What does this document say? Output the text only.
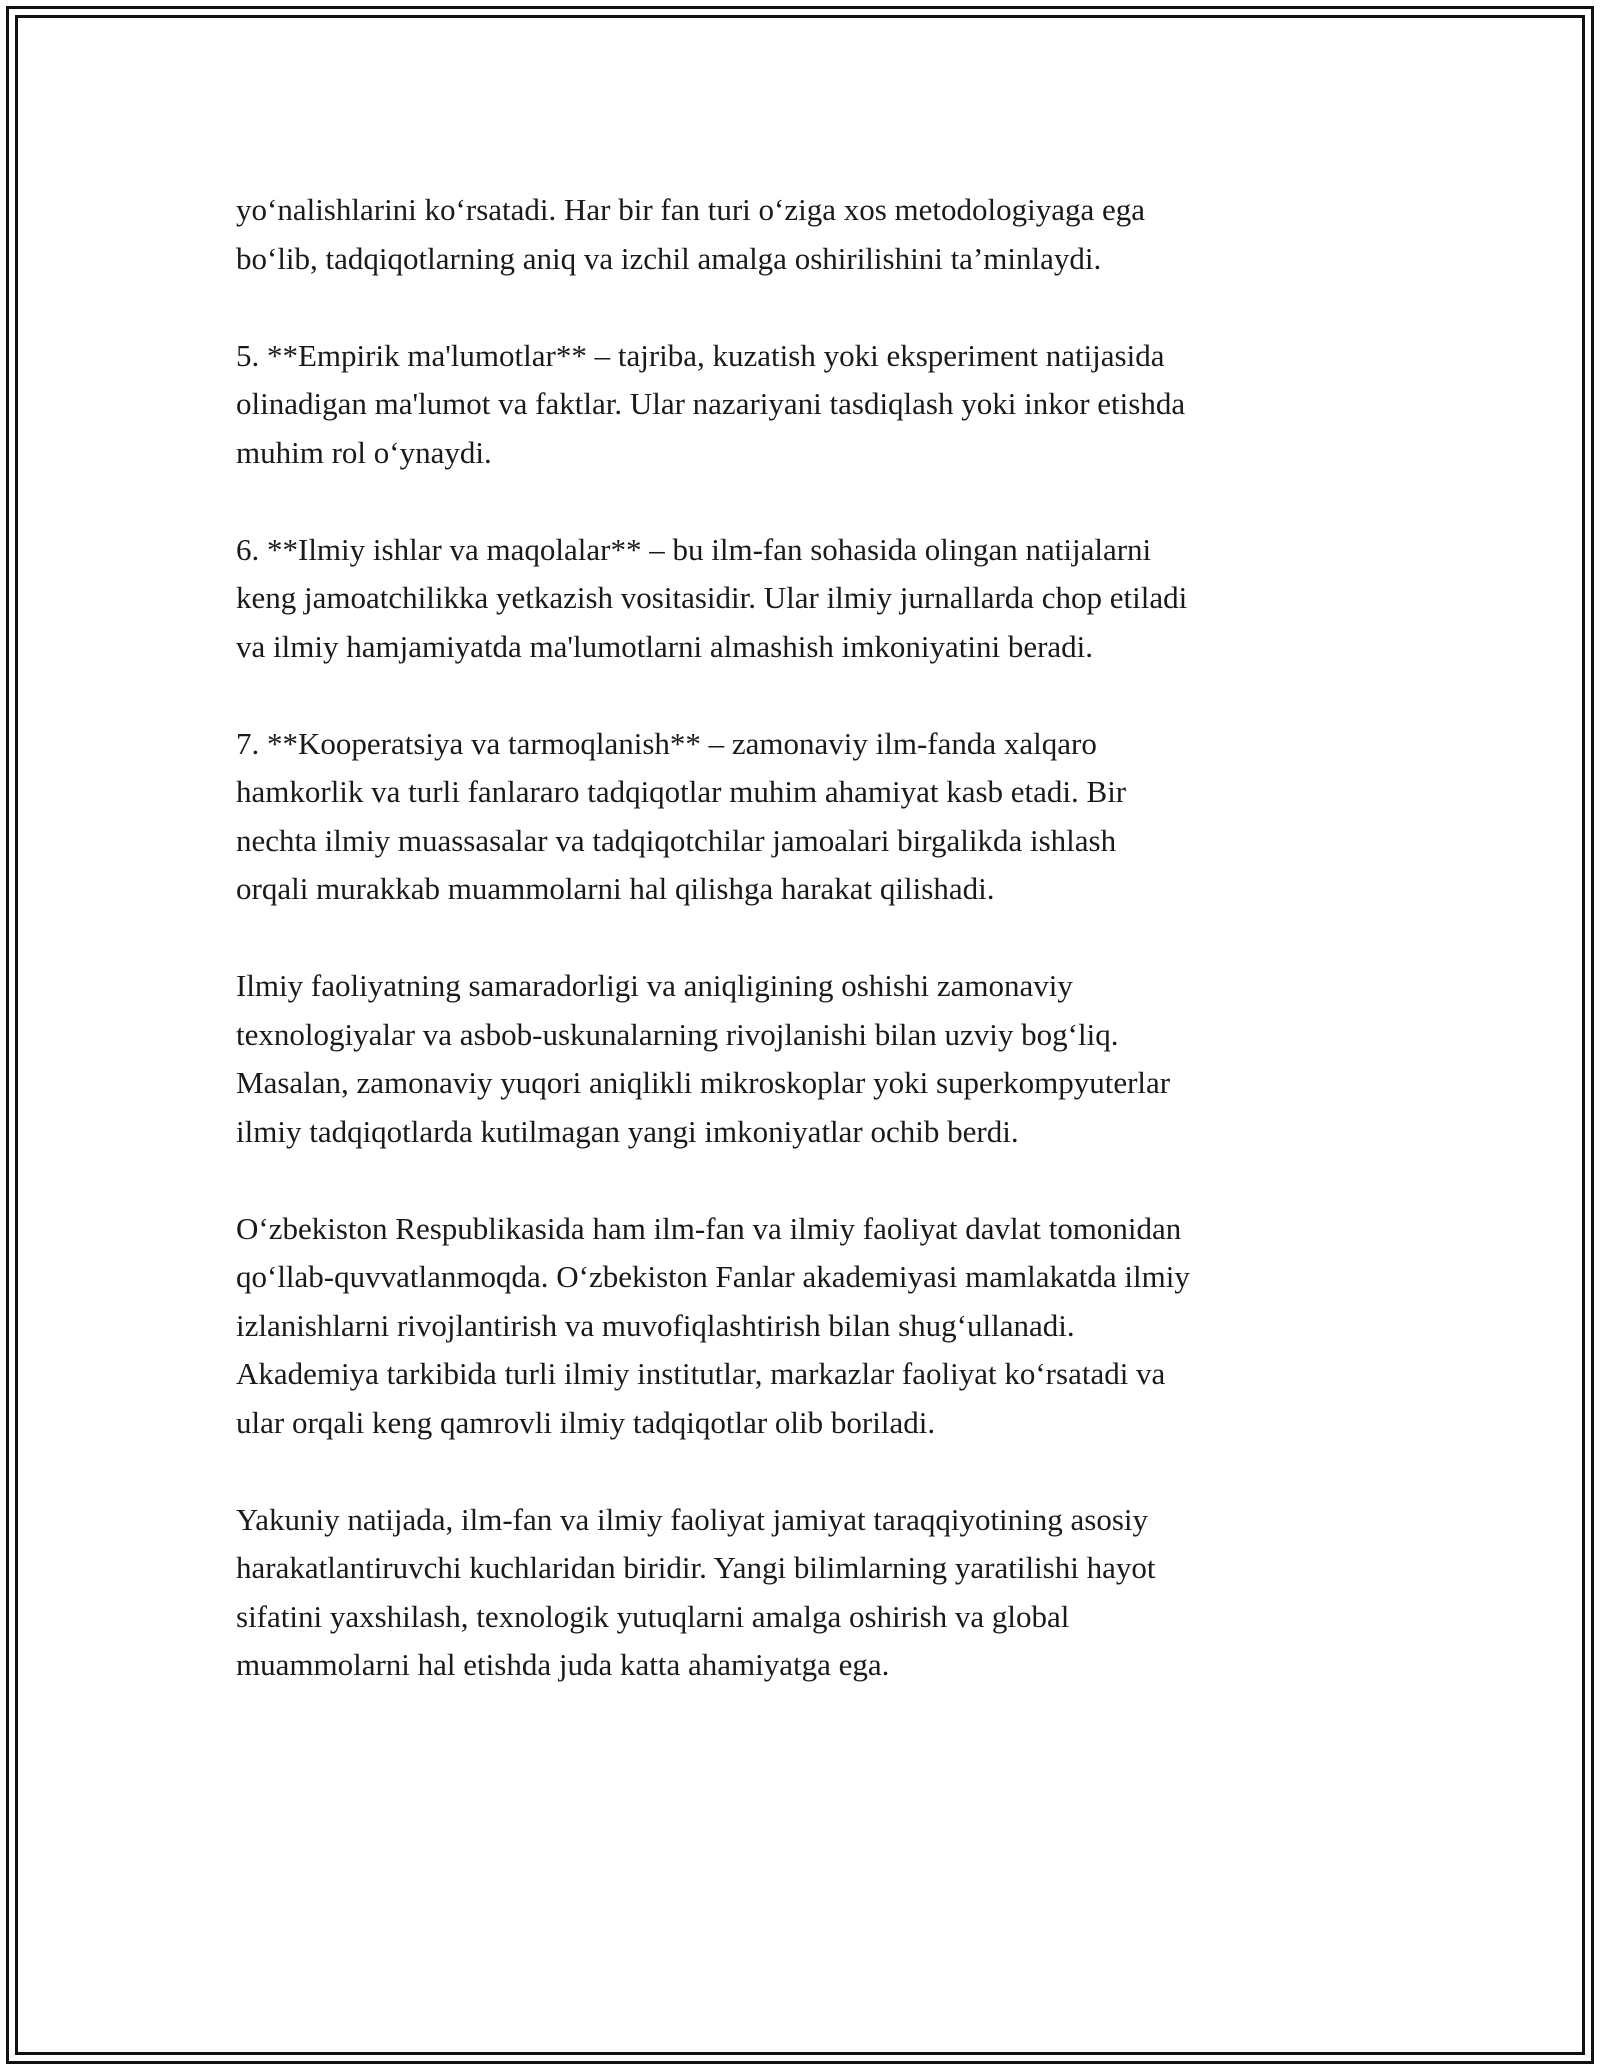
yo‘nalishlarini ko‘rsatadi. Har bir fan turi o‘ziga xos metodologiyaga ega
bo‘lib, tadqiqotlarning aniq va izchil amalga oshirilishini ta’minlaydi.

5. **Empirik ma'lumotlar** – tajriba, kuzatish yoki eksperiment natijasida
olinadigan ma'lumot va faktlar. Ular nazariyani tasdiqlash yoki inkor etishda
muhim rol o‘ynaydi.

6. **Ilmiy ishlar va maqolalar** – bu ilm-fan sohasida olingan natijalarni
keng jamoatchilikka yetkazish vositasidir. Ular ilmiy jurnallarda chop etiladi
va ilmiy hamjamiyatda ma'lumotlarni almashish imkoniyatini beradi.

7. **Kooperatsiya va tarmoqlanish** – zamonaviy ilm-fanda xalqaro
hamkorlik va turli fanlararo tadqiqotlar muhim ahamiyat kasb etadi. Bir
nechta ilmiy muassasalar va tadqiqotchilar jamoalari birgalikda ishlash
orqali murakkab muammolarni hal qilishga harakat qilishadi.

Ilmiy faoliyatning samaradorligi va aniqligining oshishi zamonaviy
texnologiyalar va asbob-uskunalarning rivojlanishi bilan uzviy bog‘liq.
Masalan, zamonaviy yuqori aniqlikli mikroskoplar yoki superkompyuterlar
ilmiy tadqiqotlarda kutilmagan yangi imkoniyatlar ochib berdi.

O‘zbekiston Respublikasida ham ilm-fan va ilmiy faoliyat davlat tomonidan
qo‘llab-quvvatlanmoqda. O‘zbekiston Fanlar akademiyasi mamlakatda ilmiy
izlanishlarni rivojlantirish va muvofiqlashtirish bilan shug‘ullanadi.
Akademiya tarkibida turli ilmiy institutlar, markazlar faoliyat ko‘rsatadi va
ular orqali keng qamrovli ilmiy tadqiqotlar olib boriladi.

Yakuniy natijada, ilm-fan va ilmiy faoliyat jamiyat taraqqiyotining asosiy
harakatlantiruvchi kuchlaridan biridir. Yangi bilimlarning yaratilishi hayot
sifatini yaxshilash, texnologik yutuqlarni amalga oshirish va global
muammolarni hal etishda juda katta ahamiyatga ega.
